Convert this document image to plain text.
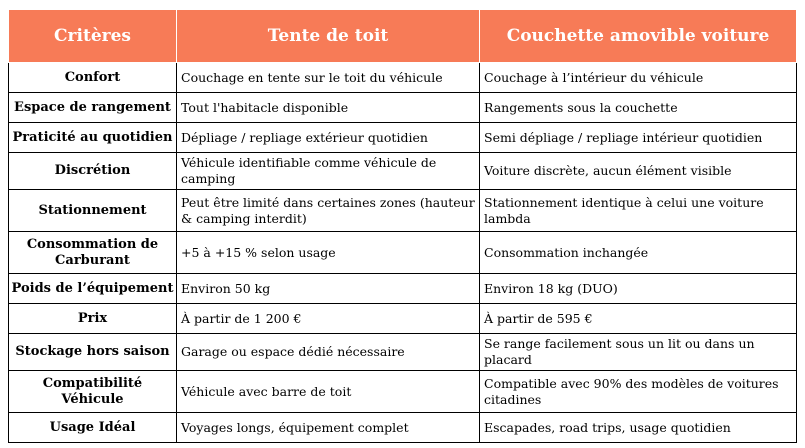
Critères	Tente de toit	Couchette amovible voiture
Confort	Couchage en tente sur le toit du véhicule	Couchage à l’intérieur du véhicule
Espace de rangement	Tout l'habitacle disponible	Rangements sous la couchette
Praticité au quotidien	Dépliage / repliage extérieur quotidien	Semi dépliage / repliage intérieur quotidien
Discrétion	Véhicule identifiable comme véhicule de camping	Voiture discrète, aucun élément visible
Stationnement	Peut être limité dans certaines zones (hauteur & camping interdit)	Stationnement identique à celui une voiture lambda
Consommation de Carburant	+5 à +15 % selon usage	Consommation inchangée
Poids de l’équipement	Environ 50 kg	Environ 18 kg (DUO)
Prix	À partir de 1 200 €	À partir de 595 €
Stockage hors saison	Garage ou espace dédié nécessaire	Se range facilement sous un lit ou dans un placard
Compatibilité Véhicule	Véhicule avec barre de toit	Compatible avec 90% des modèles de voitures citadines
Usage Idéal	Voyages longs, équipement complet	Escapades, road trips, usage quotidien
